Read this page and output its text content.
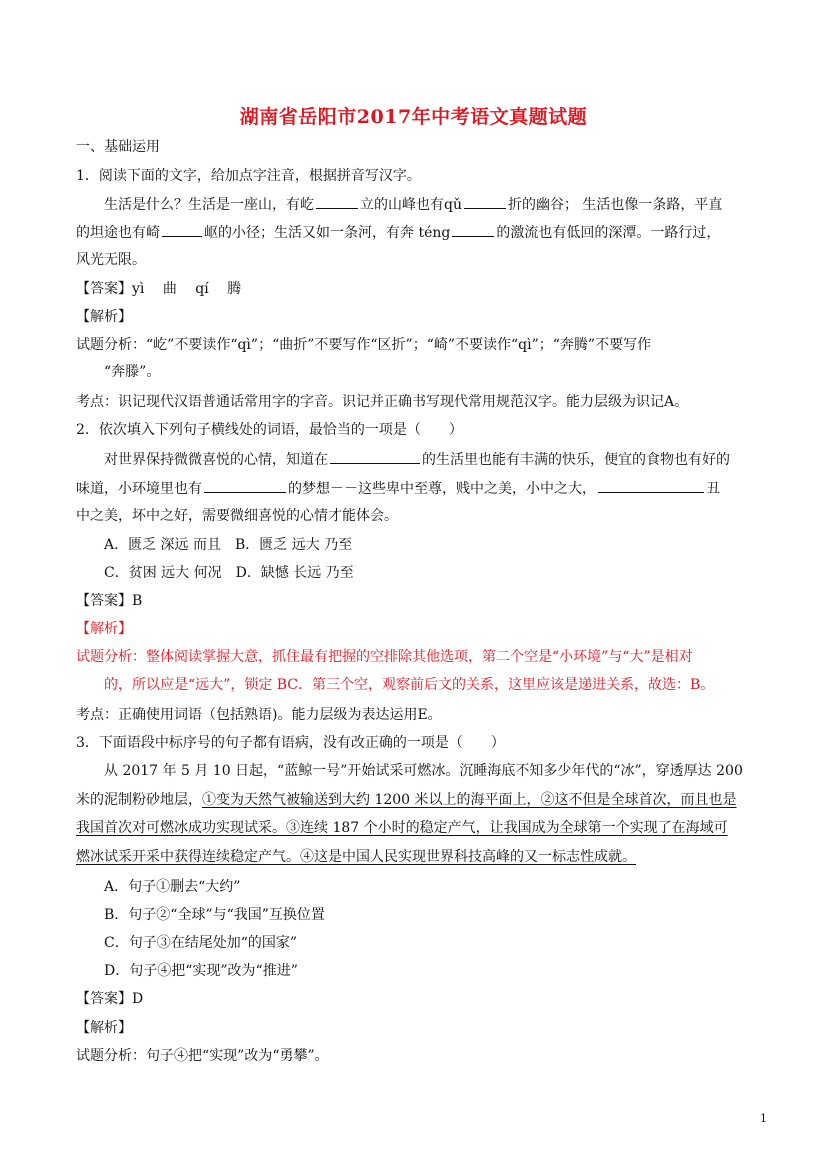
湖南省岳阳市2017年中考语文真题试题
一、基础运用
1．阅读下面的文字，给加点字注音，根据拼音写汉字。
生活是什么？生活是一座山，有屹	立的山峰也有qǔ	折的幽谷； 生活也像一条路，平直
的坦途也有崎	岖的小径；生活又如一条河，有奔 téng	的激流也有低回的深潭。一路行过，
风光无限。
【答案】yì　 曲　 qí　 腾
【解析】
试题分析：“屹”不要读作“qì”；“曲折”不要写作“区折”；“崎”不要读作“qì”；“奔腾”不要写作
“奔滕”。
考点：识记现代汉语普通话常用字的字音。识记并正确书写现代常用规范汉字。能力层级为识记A。
2．依次填入下列句子横线处的词语，最恰当的一项是（　　）
对世界保持微微喜悦的心情，知道在	的生活里也能有丰满的快乐，便宜的食物也有好的
味道，小环境里也有	的梦想－－这些卑中至尊，贱中之美，小中之大，	丑
中之美，坏中之好，需要微细喜悦的心情才能体会。
A．匮乏 深远 而且 B．匮乏 远大 乃至
C．贫困 远大 何况 D．缺憾 长远 乃至
【答案】B
【解析】
试题分析：整体阅读掌握大意，抓住最有把握的空排除其他选项，第二个空是“小环境”与“大”是相对
的，所以应是“远大”，锁定 BC．第三个空，观察前后文的关系，这里应该是递进关系，故选：B。
考点：正确使用词语（包括熟语)。能力层级为表达运用E。
3．下面语段中标序号的句子都有语病，没有改正确的一项是（　　）
从 2017 年 5 月 10 日起，“蓝鲸一号”开始试采可燃冰。沉睡海底不知多少年代的“冰”，穿透厚达 200
米的泥制粉砂地层，①变为天然气被输送到大约 1200 米以上的海平面上，②这不但是全球首次，而且也是
我国首次对可燃冰成功实现试采。③连续 187 个小时的稳定产气，让我国成为全球第一个实现了在海域可
燃冰试采开采中获得连续稳定产气。④这是中国人民实现世界科技高峰的又一标志性成就。
A．句子①删去“大约”
B．句子②“全球”与“我国”互换位置
C．句子③在结尾处加“的国家”
D．句子④把“实现”改为“推进”
【答案】D
【解析】
试题分析：句子④把“实现”改为“勇攀”。
1
